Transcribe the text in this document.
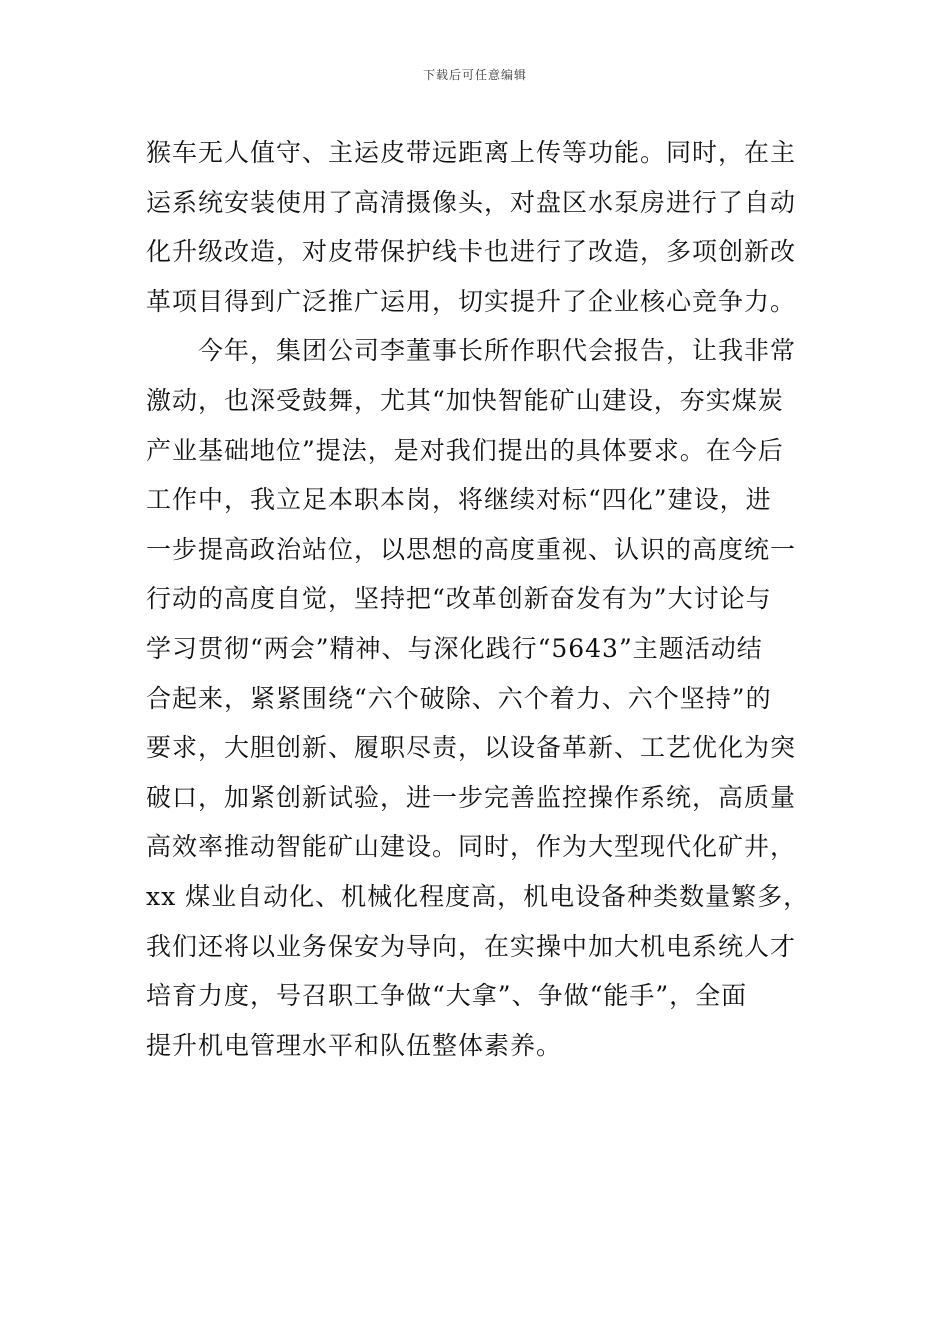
下载后可任意编辑
猴车无人值守、主运皮带远距离上传等功能。同时，在主
运系统安装使用了高清摄像头，对盘区水泵房进行了自动
化升级改造，对皮带保护线卡也进行了改造，多项创新改
革项目得到广泛推广运用，切实提升了企业核心竞争力。
今年，集团公司李董事长所作职代会报告，让我非常
激动，也深受鼓舞，尤其“加快智能矿山建设，夯实煤炭
产业基础地位”提法，是对我们提出的具体要求。在今后
工作中，我立足本职本岗，将继续对标“四化”建设，进
一步提高政治站位，以思想的高度重视、认识的高度统一
行动的高度自觉，坚持把“改革创新奋发有为”大讨论与
学习贯彻“两会”精神、与深化践行“5643”主题活动结
合起来，紧紧围绕“六个破除、六个着力、六个坚持”的
要求，大胆创新、履职尽责，以设备革新、工艺优化为突
破口，加紧创新试验，进一步完善监控操作系统，高质量
高效率推动智能矿山建设。同时，作为大型现代化矿井，
xx 煤业自动化、机械化程度高，机电设备种类数量繁多，
我们还将以业务保安为导向，在实操中加大机电系统人才
培育力度，号召职工争做“大拿”、争做“能手”，全面
提升机电管理水平和队伍整体素养。
